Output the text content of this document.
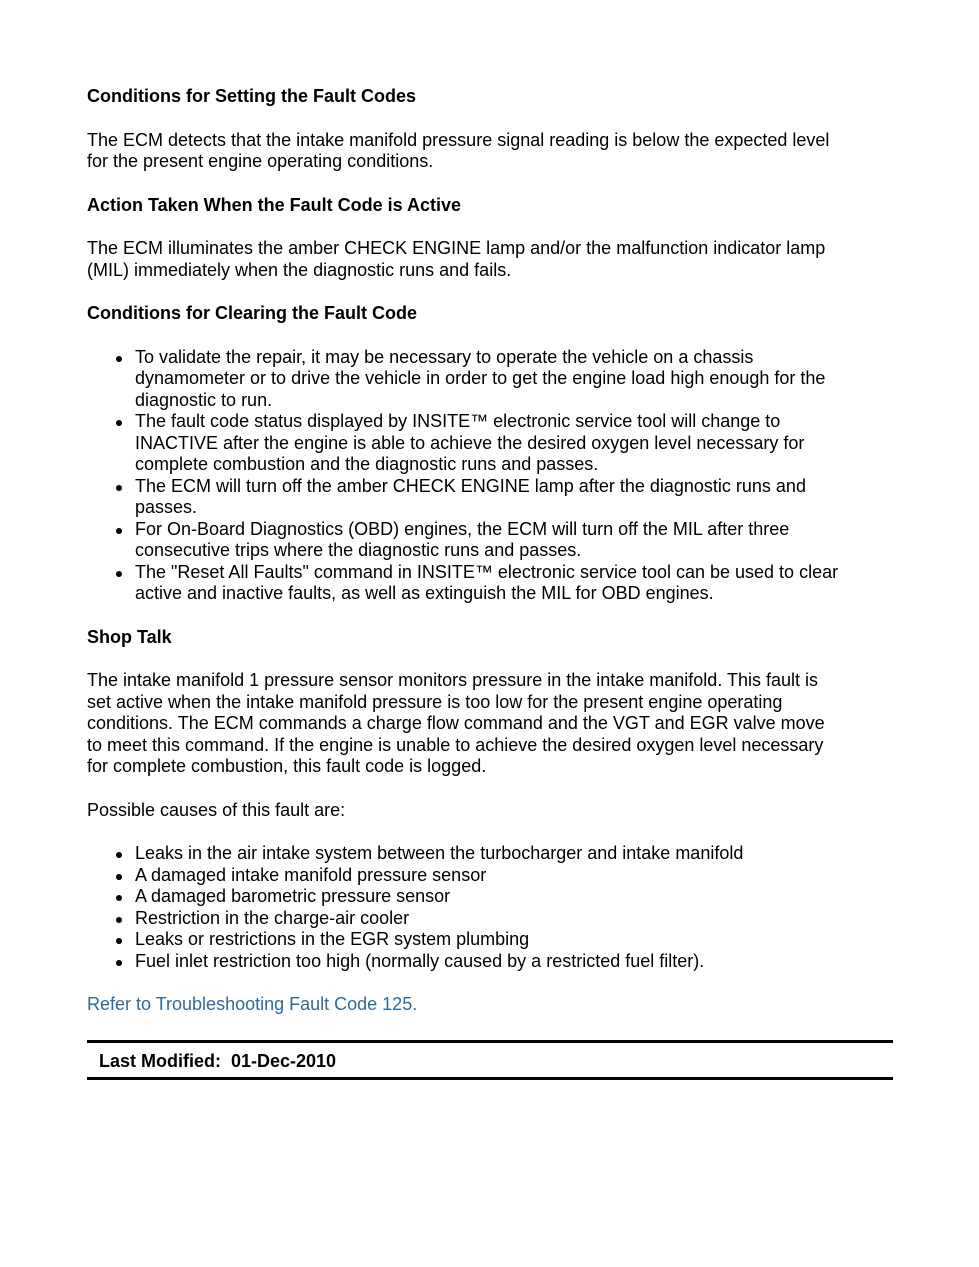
Conditions for Setting the Fault Codes

The ECM detects that the intake manifold pressure signal reading is below the expected level
for the present engine operating conditions.

Action Taken When the Fault Code is Active

The ECM illuminates the amber CHECK ENGINE lamp and/or the malfunction indicator lamp
(MIL) immediately when the diagnostic runs and fails.

Conditions for Clearing the Fault Code

To validate the repair, it may be necessary to operate the vehicle on a chassis
dynamometer or to drive the vehicle in order to get the engine load high enough for the
diagnostic to run.
The fault code status displayed by INSITE™ electronic service tool will change to
INACTIVE after the engine is able to achieve the desired oxygen level necessary for
complete combustion and the diagnostic runs and passes.
The ECM will turn off the amber CHECK ENGINE lamp after the diagnostic runs and
passes.
For On-Board Diagnostics (OBD) engines, the ECM will turn off the MIL after three
consecutive trips where the diagnostic runs and passes.
The "Reset All Faults" command in INSITE™ electronic service tool can be used to clear
active and inactive faults, as well as extinguish the MIL for OBD engines.

Shop Talk

The intake manifold 1 pressure sensor monitors pressure in the intake manifold. This fault is
set active when the intake manifold pressure is too low for the present engine operating
conditions. The ECM commands a charge flow command and the VGT and EGR valve move
to meet this command. If the engine is unable to achieve the desired oxygen level necessary
for complete combustion, this fault code is logged.

Possible causes of this fault are:

Leaks in the air intake system between the turbocharger and intake manifold
A damaged intake manifold pressure sensor
A damaged barometric pressure sensor
Restriction in the charge-air cooler
Leaks or restrictions in the EGR system plumbing
Fuel inlet restriction too high (normally caused by a restricted fuel filter).
Refer to Troubleshooting Fault Code 125.
Last Modified:  01-Dec-2010
